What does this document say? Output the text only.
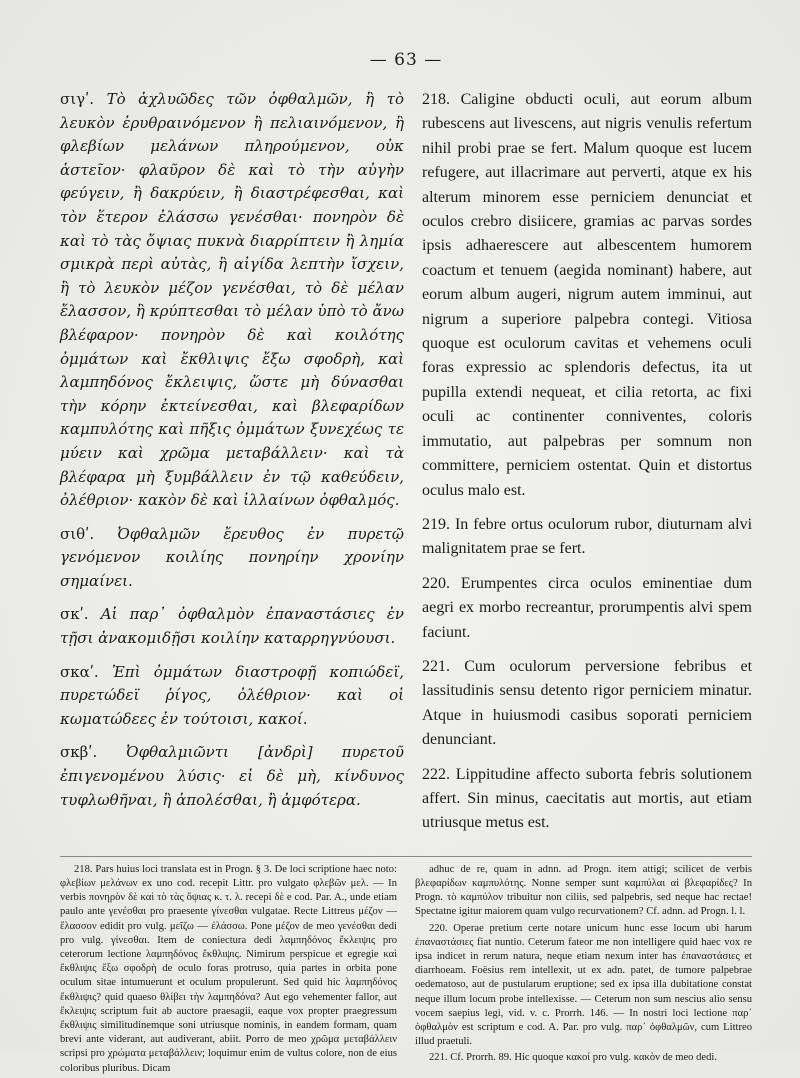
— 63 —

σιγʹ. Τὸ ἀχλυῶδες τῶν ὀφθαλμῶν, ἢ τὸ λευκὸν ἐρυθραινόμενον ἢ πελιαινόμενον, ἢ φλεβίων μελάνων πληρούμενον, οὐκ ἀστεῖον· φλαῦρον δὲ καὶ τὸ τὴν αὐγὴν φεύγειν, ἢ δακρύειν, ἢ διαστρέφεσθαι, καὶ τὸν ἕτερον ἐλάσσω γενέσθαι· πονηρὸν δὲ καὶ τὸ τὰς ὄψιας πυκνὰ διαρρίπτειν ἢ λημία σμικρὰ περὶ αὐτὰς, ἢ αἰγίδα λεπτὴν ἴσχειν, ἢ τὸ λευκὸν μέζον γενέσθαι, τὸ δὲ μέλαν ἔλασσον, ἢ κρύπτεσθαι τὸ μέλαν ὑπὸ τὸ ἄνω βλέφαρον· πονηρὸν δὲ καὶ κοιλότης ὀμμάτων καὶ ἔκθλιψις ἔξω σφοδρὴ, καὶ λαμπηδόνος ἔκλειψις, ὥστε μὴ δύνασθαι τὴν κόρην ἐκτείνεσθαι, καὶ βλεφαρίδων καμπυλότης καὶ πῆξις ὀμμάτων ξυνεχέως τε μύειν καὶ χρῶμα μεταβάλλειν· καὶ τὰ βλέφαρα μὴ ξυμβάλλειν ἐν τῷ καθεύδειν, ὀλέθριον· κακὸν δὲ καὶ ἰλλαίνων ὀφθαλμός.

σιθʹ. Ὀφθαλμῶν ἔρευθος ἐν πυρετῷ γενόμενον κοιλίης πονηρίην χρονίην σημαίνει.

σκʹ. Αἱ παρ᾽ ὀφθαλμὸν ἐπαναστάσιες ἐν τῇσι ἀνακομιδῇσι κοιλίην καταρρηγνύουσι.

σκαʹ. Ἐπὶ ὀμμάτων διαστροφῇ κοπιώδεϊ, πυρετώδεϊ ῥίγος, ὀλέθριον· καὶ οἱ κωματώδεες ἐν τούτοισι, κακοί.

σκβʹ. Ὀφθαλμιῶντι [ἀνδρὶ] πυρετοῦ ἐπιγενομένου λύσις· εἰ δὲ μὴ, κίνδυνος τυφλωθῆναι, ἢ ἀπολέσθαι, ἢ ἀμφότερα.

218. Caligine obducti oculi, aut eorum album rubescens aut livescens, aut nigris venulis refertum nihil probi prae se fert. Malum quoque est lucem refugere, aut illacrimare aut perverti, atque ex his alterum minorem esse perniciem denunciat et oculos crebro disiicere, gramias ac parvas sordes ipsis adhaerescere aut albescentem humorem coactum et tenuem (aegida nominant) habere, aut eorum album augeri, nigrum autem imminui, aut nigrum a superiore palpebra contegi. Vitiosa quoque est oculorum cavitas et vehemens oculi foras expressio ac splendoris defectus, ita ut pupilla extendi nequeat, et cilia retorta, ac fixi oculi ac continenter conniventes, coloris immutatio, aut palpebras per somnum non committere, perniciem ostentat. Quin et distortus oculus malo est.

219. In febre ortus oculorum rubor, diuturnam alvi malignitatem prae se fert.

220. Erumpentes circa oculos eminentiae dum aegri ex morbo recreantur, prorumpentis alvi spem faciunt.

221. Cum oculorum perversione febribus et lassitudinis sensu detento rigor perniciem minatur. Atque in huiusmodi casibus soporati perniciem denunciant.

222. Lippitudine affecto suborta febris solutionem affert. Sin minus, caecitatis aut mortis, aut etiam utriusque metus est.

218. Pars huius loci translata est in Progn. § 3. De loci scriptione haec noto: φλεβίων μελάνων ex uno cod. recepit Littr. pro vulgato φλεβῶν μελ. — In verbis πονηρὸν δὲ καὶ τὸ τὰς ὄψιας κ. τ. λ. recepi δὲ e cod. Par. A., unde etiam paulo ante γενέσθαι pro praesente γίνεσθαι vulgatae. Recte Littreus μέζον — ἔλασσον edidit pro vulg. μεῖζω — ἐλάσσω. Pone μέζον de meo γενέσθαι dedi pro vulg. γίνεσθαι. Item de coniectura dedi λαμπηδόνος ἔκλειψις pro ceterorum lectione λαμπηδόνος ἔκθλιψις. Nimirum perspicue et egregie καὶ ἔκθλιψις ἔξω σφοδρὴ de oculo foras protruso, quia partes in orbita pone oculum sitae intumuerunt et oculum propulerunt. Sed quid hic λαμπηδόνος ἔκθλιψις? quid quaeso θλίβει τὴν λαμπηδόνα? Aut ego vehementer fallor, aut ἔκλειψις scriptum fuit ab auctore praesagii, eaque vox propter praegressum ἔκθλιψις similitudinemque soni utriusque nominis, in eandem formam, quam brevi ante viderant, aut audiverant, abiit. Porro de meo χρῶμα μεταβάλλειν scripsi pro χρώματα μεταβάλλειν; loquimur enim de vultus colore, non de eius coloribus pluribus. Dicam

adhuc de re, quam in adnn. ad Progn. item attigi; scilicet de verbis βλεφαρίδων καμπυλότης. Nonne semper sunt καμπύλαι αἱ βλεφαρίδες? In Progn. τὸ καμπύλον tribuitur non ciliis, sed palpebris, sed neque hac rectae! Spectatne igitur maiorem quam vulgo recurvationem? Cf. adnn. ad Progn. l. l.

220. Operae pretium certe notare unicum hunc esse locum ubi harum ἐπαναστάσιες fiat nuntio. Ceterum fateor me non intelligere quid haec vox re ipsa indicet in rerum natura, neque etiam nexum inter has ἐπαναστάσιες et diarrhoeam. Foësius rem intellexit, ut ex adn. patet, de tumore palpebrae oedematoso, aut de pustularum eruptione; sed ex ipsa illa dubitatione constat neque illum locum probe intellexisse. — Ceterum non sum nescius alio sensu vocem saepius legi, vid. v. c. Prorrh. 146. — In nostri loci lectione παρ᾽ ὀφθαλμὸν est scriptum e cod. A. Par. pro vulg. παρ᾽ ὀφθαλμῶν, cum Littreo illud praetuli.

221. Cf. Prorrh. 89. Hic quoque κακοί pro vulg. κακὸν de meo dedi.
